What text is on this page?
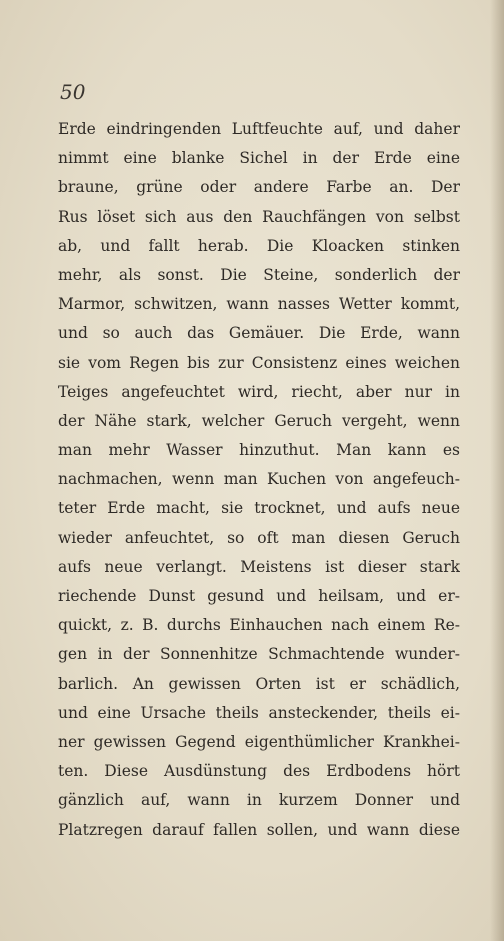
50

Erde eindringenden Luftfeuchte auf, und daher
nimmt eine blanke Sichel in der Erde eine
braune, grüne oder andere Farbe an. Der
Rus löset sich aus den Rauchfängen von selbst
ab, und fallt herab. Die Kloacken stinken
mehr, als sonst. Die Steine, sonderlich der
Marmor, schwitzen, wann nasses Wetter kommt,
und so auch das Gemäuer. Die Erde, wann
sie vom Regen bis zur Consistenz eines weichen
Teiges angefeuchtet wird, riecht, aber nur in
der Nähe stark, welcher Geruch vergeht, wenn
man mehr Wasser hinzuthut. Man kann es
nachmachen, wenn man Kuchen von angefeuch-
teter Erde macht, sie trocknet, und aufs neue
wieder anfeuchtet, so oft man diesen Geruch
aufs neue verlangt. Meistens ist dieser stark
riechende Dunst gesund und heilsam, und er-
quickt, z. B. durchs Einhauchen nach einem Re-
gen in der Sonnenhitze Schmachtende wunder-
barlich. An gewissen Orten ist er schädlich,
und eine Ursache theils ansteckender, theils ei-
ner gewissen Gegend eigenthümlicher Krankhei-
ten. Diese Ausdünstung des Erdbodens hört
gänzlich auf, wann in kurzem Donner und
Platzregen darauf fallen sollen, und wann diese
